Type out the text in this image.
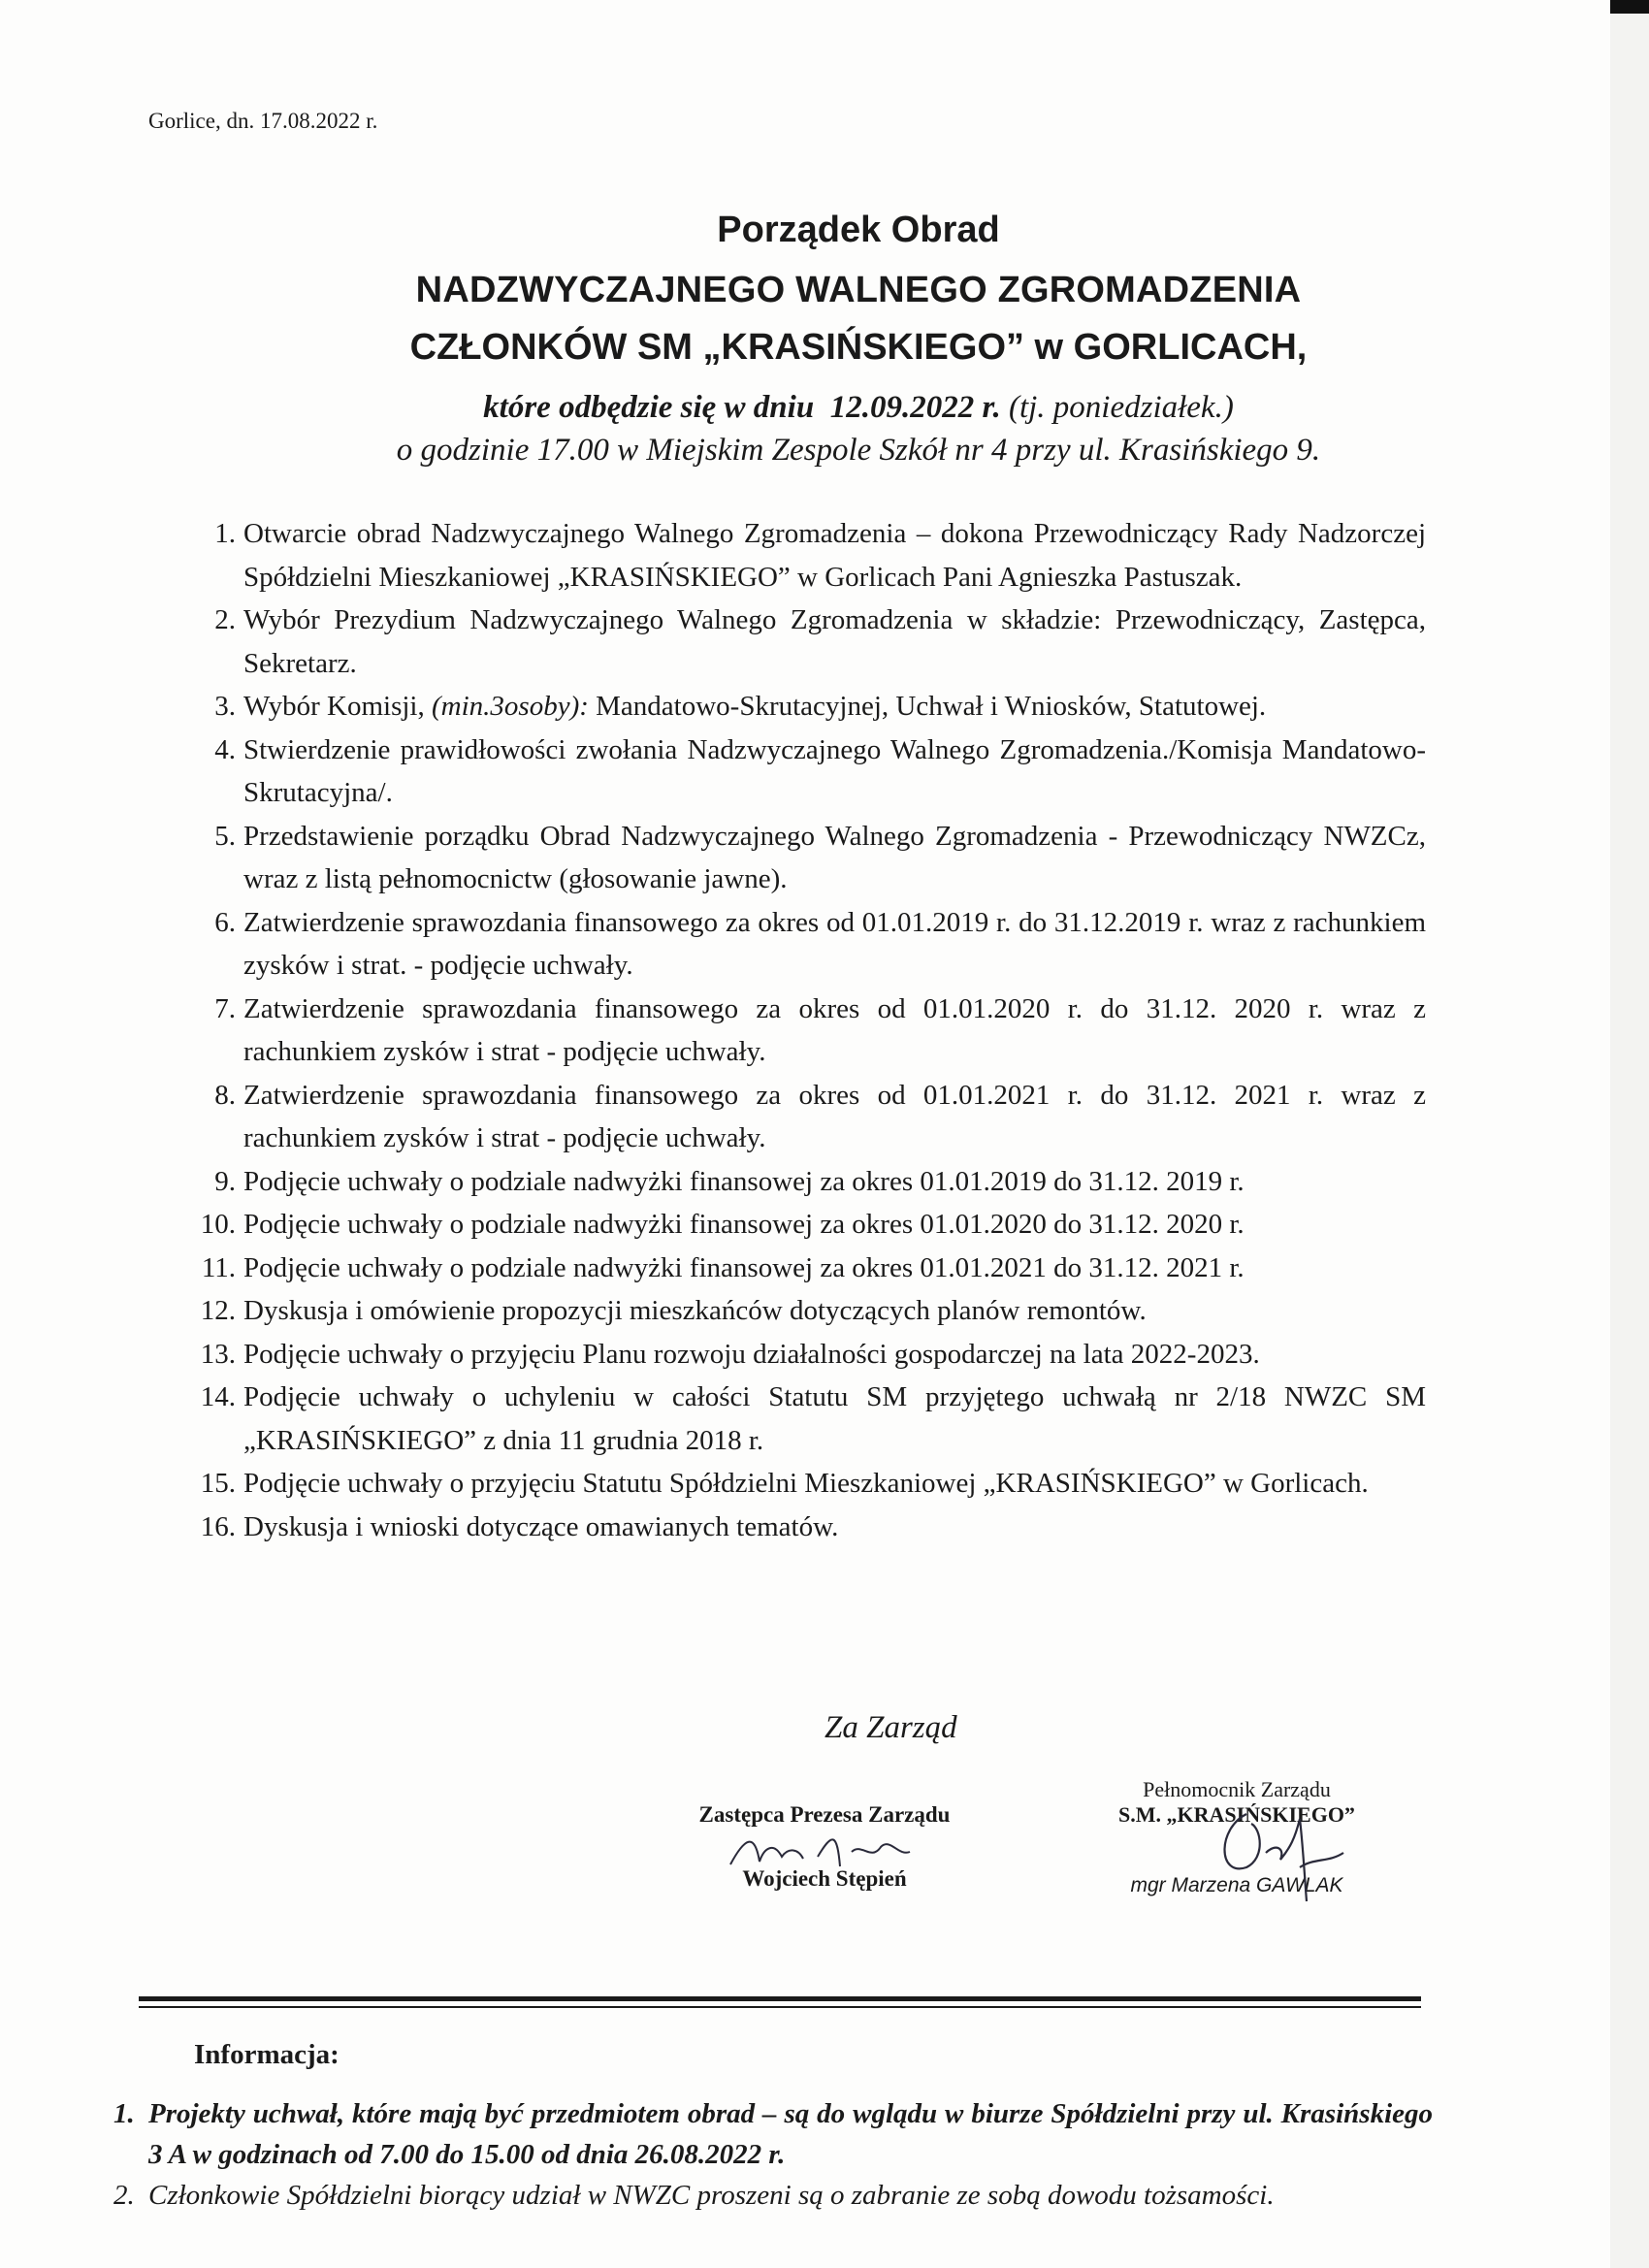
Gorlice, dn. 17.08.2022 r.
Porządek Obrad
NADZWYCZAJNEGO WALNEGO ZGROMADZENIA
CZŁONKÓW SM „KRASIŃSKIEGO” w GORLICACH,
które odbędzie się w dniu 12.09.2022 r. (tj. poniedziałek.)
o godzinie 17.00 w Miejskim Zespole Szkół nr 4 przy ul. Krasińskiego 9.
1. Otwarcie obrad Nadzwyczajnego Walnego Zgromadzenia – dokona Przewodniczący Rady Nadzorczej Spółdzielni Mieszkaniowej „KRASIŃSKIEGO” w Gorlicach Pani Agnieszka Pastuszak.
2. Wybór Prezydium Nadzwyczajnego Walnego Zgromadzenia w składzie: Przewodniczący, Zastępca, Sekretarz.
3. Wybór Komisji, (min.3osoby): Mandatowo-Skrutacyjnej, Uchwał i Wniosków, Statutowej.
4. Stwierdzenie prawidłowości zwołania Nadzwyczajnego Walnego Zgromadzenia./Komisja Mandatowo-Skrutacyjna/.
5. Przedstawienie porządku Obrad Nadzwyczajnego Walnego Zgromadzenia - Przewodniczący NWZCz, wraz z listą pełnomocnictw (głosowanie jawne).
6. Zatwierdzenie sprawozdania finansowego za okres od 01.01.2019 r. do 31.12.2019 r. wraz z rachunkiem zysków i strat. - podjęcie uchwały.
7. Zatwierdzenie sprawozdania finansowego za okres od 01.01.2020 r. do 31.12. 2020 r. wraz z rachunkiem zysków i strat - podjęcie uchwały.
8. Zatwierdzenie sprawozdania finansowego za okres od 01.01.2021 r. do 31.12. 2021 r. wraz z rachunkiem zysków i strat - podjęcie uchwały.
9. Podjęcie uchwały o podziale nadwyżki finansowej za okres 01.01.2019 do 31.12. 2019 r.
10. Podjęcie uchwały o podziale nadwyżki finansowej za okres 01.01.2020 do 31.12. 2020 r.
11. Podjęcie uchwały o podziale nadwyżki finansowej za okres 01.01.2021 do 31.12. 2021 r.
12. Dyskusja i omówienie propozycji mieszkańców dotyczących planów remontów.
13. Podjęcie uchwały o przyjęciu Planu rozwoju działalności gospodarczej na lata 2022-2023.
14. Podjęcie uchwały o uchyleniu w całości Statutu SM przyjętego uchwałą nr 2/18 NWZC SM „KRASIŃSKIEGO” z dnia 11 grudnia 2018 r.
15. Podjęcie uchwały o przyjęciu Statutu Spółdzielni Mieszkaniowej „KRASIŃSKIEGO” w Gorlicach.
16. Dyskusja i wnioski dotyczące omawianych tematów.
Za Zarząd
Zastępca Prezesa Zarządu
Wojciech Stępień
Pełnomocnik Zarządu
S.M. „KRASIŃSKIEGO”
mgr Marzena GAWLAK
Informacja:
1. Projekty uchwał, które mają być przedmiotem obrad – są do wglądu w biurze Spółdzielni przy ul. Krasińskiego 3 A w godzinach od 7.00 do 15.00 od dnia 26.08.2022 r.
2. Członkowie Spółdzielni biorący udział w NWZC proszeni są o zabranie ze sobą dowodu tożsamości.
